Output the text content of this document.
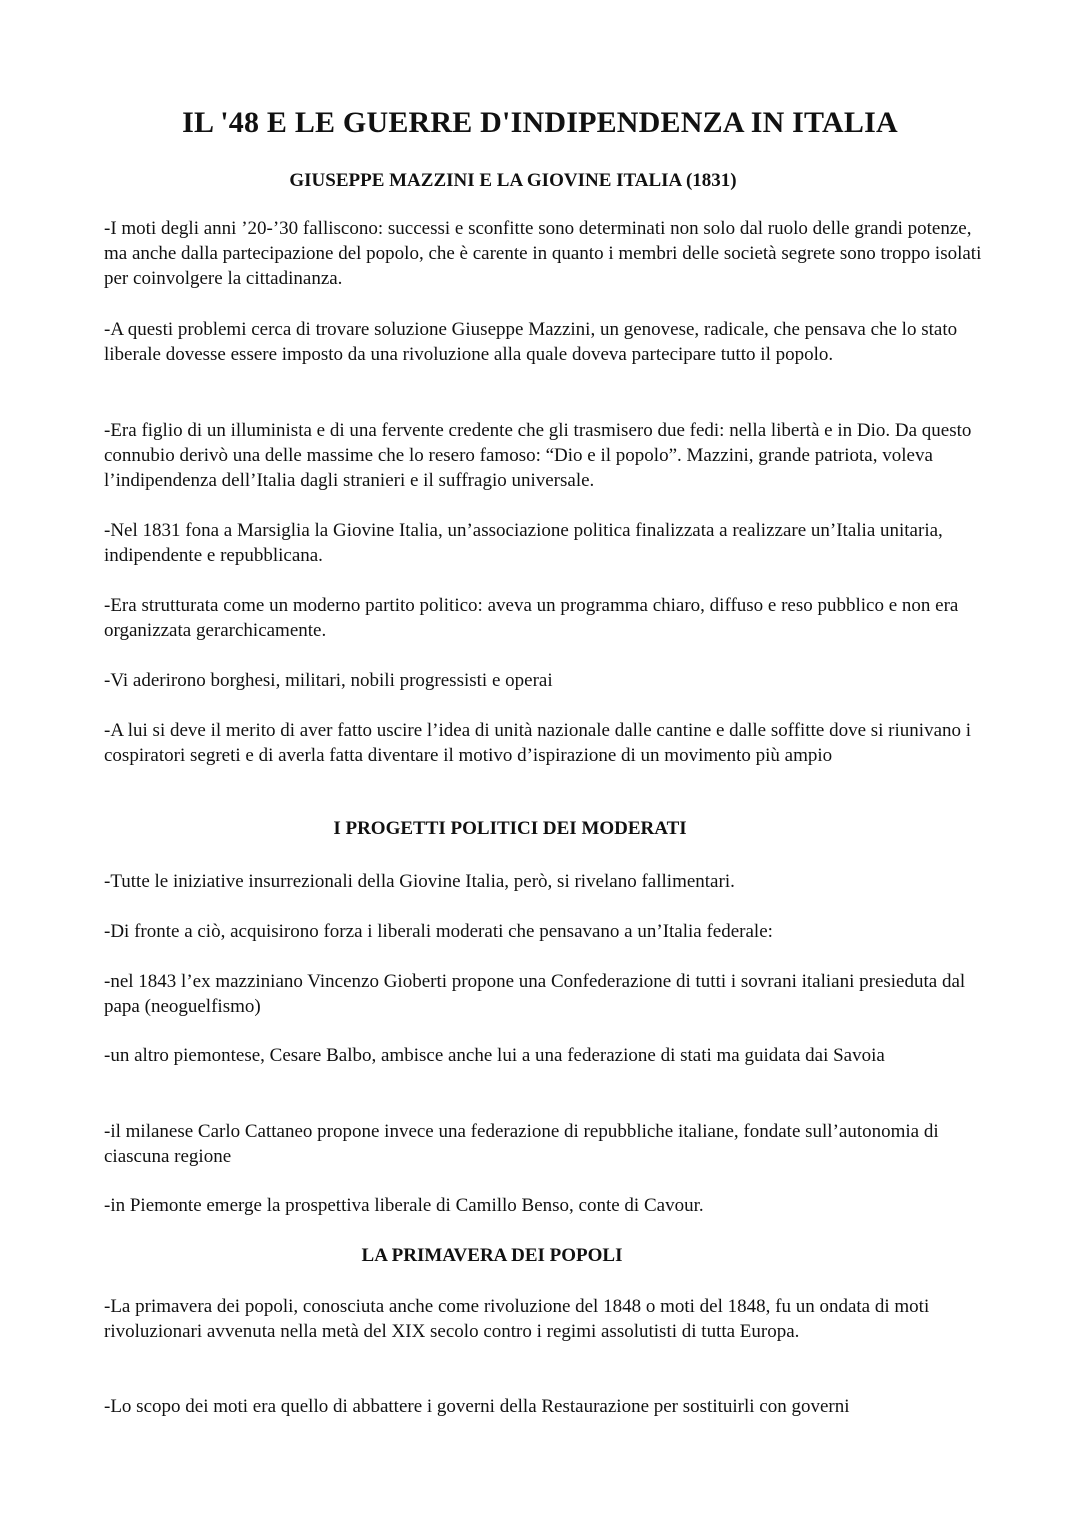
IL '48 E LE GUERRE D'INDIPENDENZA IN ITALIA
GIUSEPPE MAZZINI E LA GIOVINE ITALIA (1831)

-I moti degli anni ’20-’30 falliscono: successi e sconfitte sono determinati non solo dal ruolo delle grandi potenze, ma anche dalla partecipazione del popolo, che è carente in quanto i membri delle società segrete sono troppo isolati per coinvolgere la cittadinanza.

-A questi problemi cerca di trovare soluzione Giuseppe Mazzini, un genovese, radicale, che pensava che lo stato liberale dovesse essere imposto da una rivoluzione alla quale doveva partecipare tutto il popolo.

-Era figlio di un illuminista e di una fervente credente che gli trasmisero due fedi: nella libertà e in Dio. Da questo connubio derivò una delle massime che lo resero famoso: “Dio e il popolo”. Mazzini, grande patriota, voleva l’indipendenza dell’Italia dagli stranieri e il suffragio universale.

-Nel 1831 fona a Marsiglia la Giovine Italia, un’associazione politica finalizzata a realizzare un’Italia unitaria, indipendente e repubblicana.

-Era strutturata come un moderno partito politico: aveva un programma chiaro, diffuso e reso pubblico e non era organizzata gerarchicamente.

-Vi aderirono borghesi, militari, nobili progressisti e operai

-A lui si deve il merito di aver fatto uscire l’idea di unità nazionale dalle cantine e dalle soffitte dove si riunivano i cospiratori segreti e di averla fatta diventare il motivo d’ispirazione di un movimento più ampio

I PROGETTI POLITICI DEI MODERATI

-Tutte le iniziative insurrezionali della Giovine Italia, però, si rivelano fallimentari.

-Di fronte a ciò, acquisirono forza i liberali moderati che pensavano a un’Italia federale:

-nel 1843 l’ex mazziniano Vincenzo Gioberti propone una Confederazione di tutti i sovrani italiani presieduta dal papa (neoguelfismo)

-un altro piemontese, Cesare Balbo, ambisce anche lui a una federazione di stati ma guidata dai Savoia

-il milanese Carlo Cattaneo propone invece una federazione di repubbliche italiane, fondate sull’autonomia di ciascuna regione

-in Piemonte emerge la prospettiva liberale di Camillo Benso, conte di Cavour.

LA PRIMAVERA DEI POPOLI

-La primavera dei popoli, conosciuta anche come rivoluzione del 1848 o moti del 1848, fu un ondata di moti rivoluzionari avvenuta nella metà del XIX secolo contro i regimi assolutisti di tutta Europa.

-Lo scopo dei moti era quello di abbattere i governi della Restaurazione per sostituirli con governi
